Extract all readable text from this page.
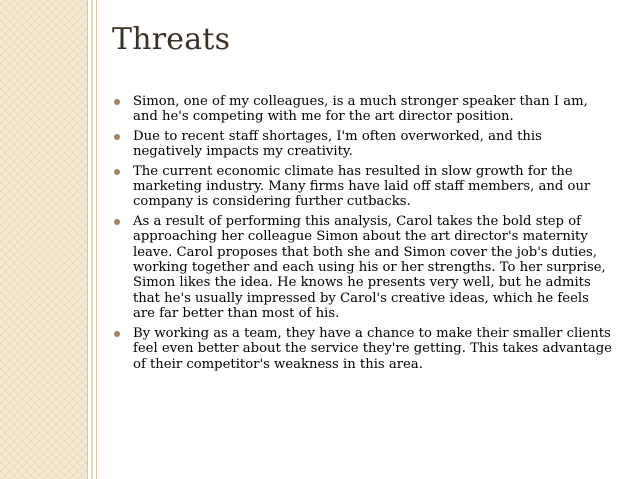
Threats
Simon, one of my colleagues, is a much stronger speaker than I am, and he's competing with me for the art director position.
Due to recent staff shortages, I'm often overworked, and this negatively impacts my creativity.
The current economic climate has resulted in slow growth for the marketing industry. Many firms have laid off staff members, and our company is considering further cutbacks.
As a result of performing this analysis, Carol takes the bold step of approaching her colleague Simon about the art director's maternity leave. Carol proposes that both she and Simon cover the job's duties, working together and each using his or her strengths. To her surprise, Simon likes the idea. He knows he presents very well, but he admits that he's usually impressed by Carol's creative ideas, which he feels are far better than most of his.
By working as a team, they have a chance to make their smaller clients feel even better about the service they're getting. This takes advantage of their competitor's weakness in this area.
